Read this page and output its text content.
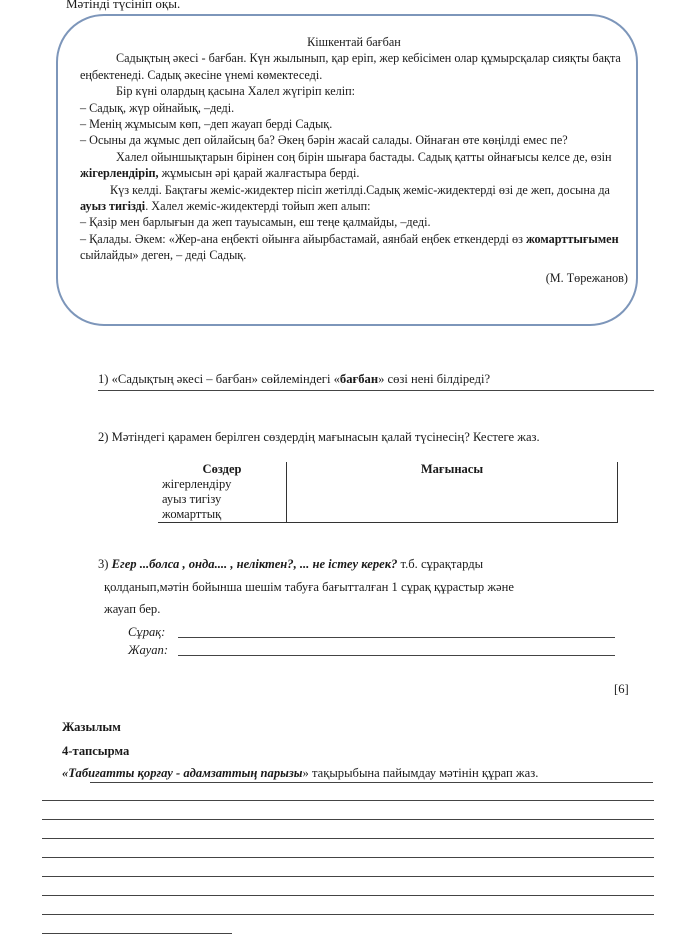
Мәтінді түсініп оқы.

Кішкентай бағбан

Садықтың әкесі - бағбан. Күн жылынып, қар еріп, жер кебісімен олар құмырсқалар сияқты бақта еңбектенеді. Садық әкесіне үнемі көмектеседі.

Бір күні олардың қасына Халел жүгіріп келіп:

– Садық, жүр ойнайық, –деді.

– Менің жұмысым көп, –деп жауап берді Садық.

– Осыны да жұмыс деп ойлайсың ба? Әкең бәрін жасай салады. Ойнаған өте көңілді емес пе?

Халел ойыншықтарын бірінен соң бірін шығара бастады. Садық қатты ойнағысы келсе де, өзін жігерлендіріп, жұмысын әрі қарай жалғастыра берді.

Күз келді. Бақтағы жеміс-жидектер пісіп жетілді.Садық жеміс-жидектерді өзі де жеп, досына да ауыз тигізді. Халел жеміс-жидектерді тойып жеп алып:

– Қазір мен барлығын да жеп тауысамын, еш теңе қалмайды, –деді.

– Қалады. Әкем: «Жер-ана еңбекті ойынға айырбастамай, аянбай еңбек еткендерді өз жомарттығымен сыйлайды» деген, – деді Садық.

(М. Төрежанов)

1) «Садықтың әкесі – бағбан» сөйлеміндегі «бағбан» сөзі нені білдіреді?
2) Мәтіндегі қарамен берілген сөздердің мағынасын қалай түсінесің? Кестеге жаз.
Сөздер	Мағынасы
жігерлендіру	
ауыз тигізу	
жомарттық	
3) Егер ...болса , онда.... , неліктен?, ... не істеу керек? т.б. сұрақтарды
қолданып,мәтін бойынша шешім табуға бағытталған 1 сұрақ құрастыр және
жауап бер.
Сұрақ:
Жауап:
[6]
Жазылым
4-тапсырма
«Табиғатты қорғау - адамзаттың парызы» тақырыбына пайымдау мәтінін құрап жаз.
